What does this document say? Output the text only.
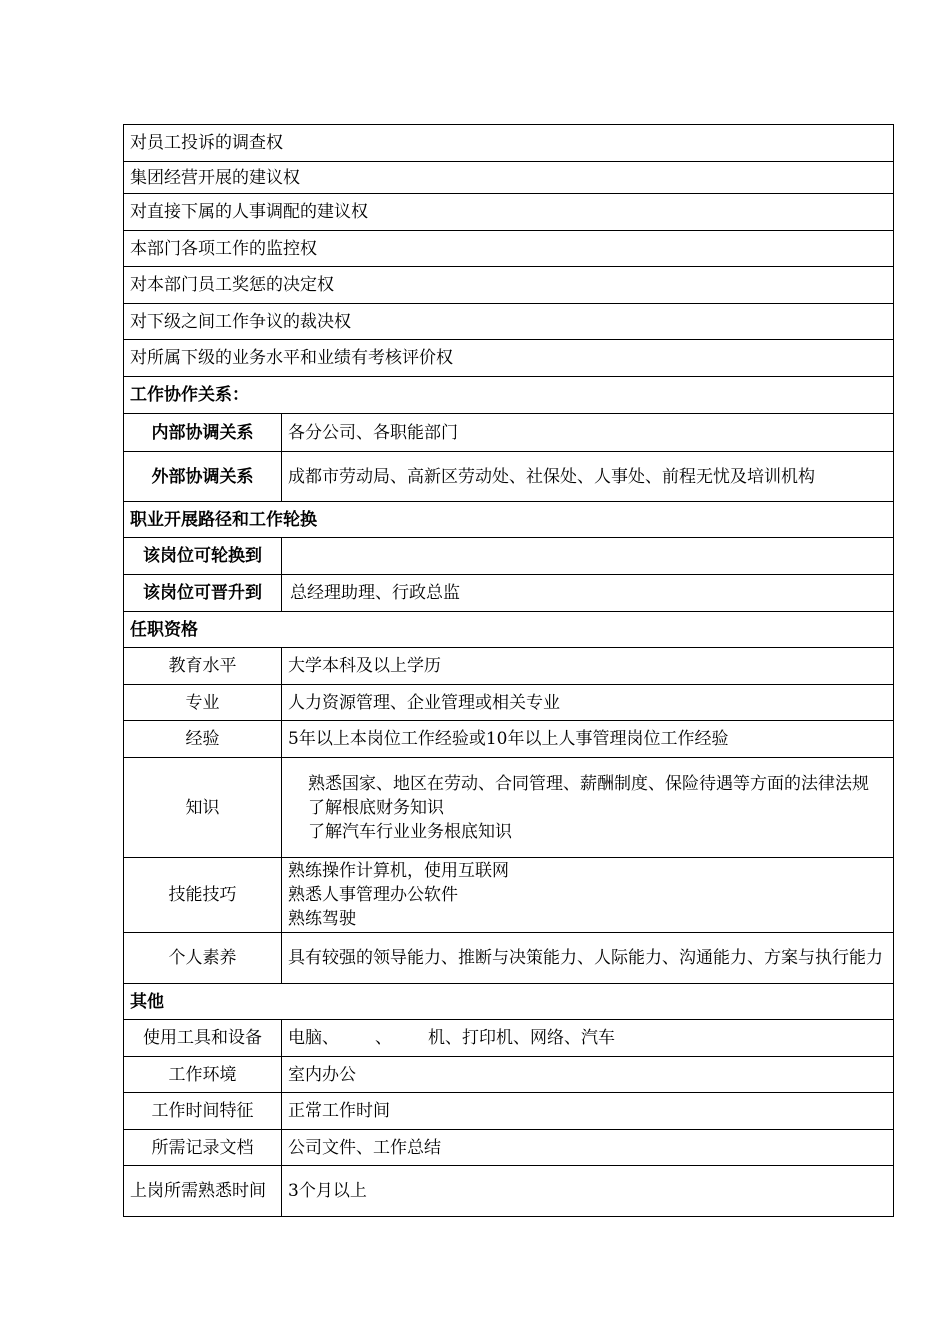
对员工投诉的调查权	
集团经营开展的建议权	
对直接下属的人事调配的建议权	
本部门各项工作的监控权	
对本部门员工奖惩的决定权	
对下级之间工作争议的裁决权	
对所属下级的业务水平和业绩有考核评价权	
工作协作关系：	
内部协调关系	各分公司、各职能部门
外部协调关系	成都市劳动局、高新区劳动处、社保处、人事处、前程无忧及培训机构
职业开展路径和工作轮换	
该岗位可轮换到	
该岗位可晋升到	总经理助理、行政总监
任职资格	
教育水平	大学本科及以上学历
专业	人力资源管理、企业管理或相关专业
经验	5年以上本岗位工作经验或10年以上人事管理岗位工作经验
知识	熟悉国家、地区在劳动、合同管理、薪酬制度、保险待遇等方面的法律法规
了解根底财务知识
了解汽车行业业务根底知识

技能技巧	熟练操作计算机，使用互联网
熟悉人事管理办公软件
熟练驾驶

个人素养	具有较强的领导能力、推断与决策能力、人际能力、沟通能力、方案与执行能力
其他	
使用工具和设备	电脑、 、 机、打印机、网络、汽车
工作环境	室内办公
工作时间特征	正常工作时间
所需记录文档	公司文件、工作总结
上岗所需熟悉时间	3个月以上
